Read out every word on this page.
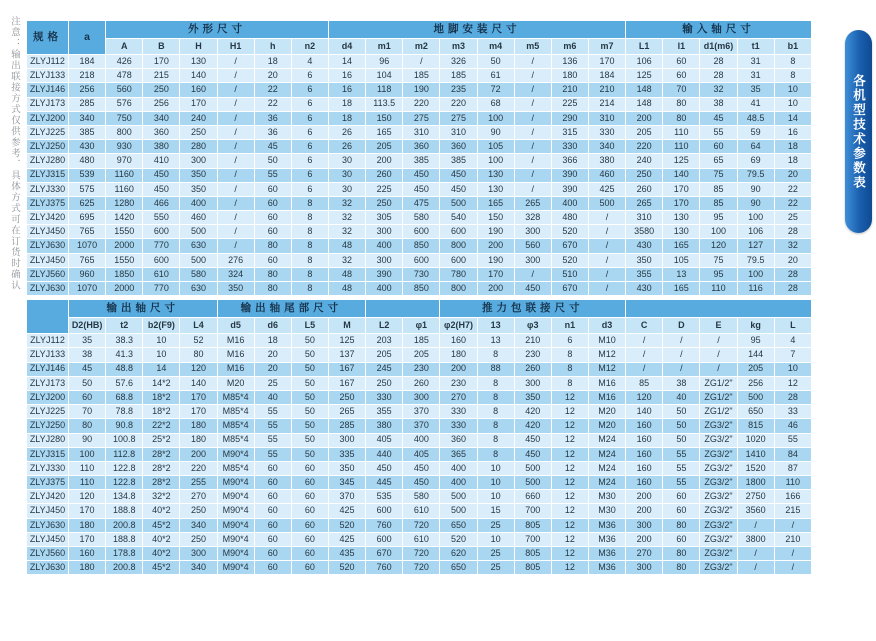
注意：输出联接方式仅供参考．具体方式可在订货时确认 规格	a	外形尺寸						地脚安装尺寸								输入轴尺寸				
		A	B	H	H1	h	n2	d4	m1	m2	m3	m4	m5	m6	m7	L1	l1	d1(m6)	t1	b1
ZLYJ112	184	426	170	130	/	18	4	14	96	/	326	50	/	136	170	106	60	28	31	8
ZLYJ133	218	478	215	140	/	20	6	16	104	185	185	61	/	180	184	125	60	28	31	8
ZLYJ146	256	560	250	160	/	22	6	16	118	190	235	72	/	210	210	148	70	32	35	10
ZLYJ173	285	576	256	170	/	22	6	18	113.5	220	220	68	/	225	214	148	80	38	41	10
ZLYJ200	340	750	340	240	/	36	6	18	150	275	275	100	/	290	310	200	80	45	48.5	14
ZLYJ225	385	800	360	250	/	36	6	26	165	310	310	90	/	315	330	205	110	55	59	16
ZLYJ250	430	930	380	280	/	45	6	26	205	360	360	105	/	330	340	220	110	60	64	18
ZLYJ280	480	970	410	300	/	50	6	30	200	385	385	100	/	366	380	240	125	65	69	18
ZLYJ315	539	1160	450	350	/	55	6	30	260	450	450	130	/	390	460	250	140	75	79.5	20
ZLYJ330	575	1160	450	350	/	60	6	30	225	450	450	130	/	390	425	260	170	85	90	22
ZLYJ375	625	1280	466	400	/	60	8	32	250	475	500	165	265	400	500	265	170	85	90	22
ZLYJ420	695	1420	550	460	/	60	8	32	305	580	540	150	328	480	/	310	130	95	100	25
ZLYJ450	765	1550	600	500	/	60	8	32	300	600	600	190	300	520	/	3580	130	100	106	28
ZLYJ630	1070	2000	770	630	/	80	8	48	400	850	800	200	560	670	/	430	165	120	127	32
ZLYJ450	765	1550	600	500	276	60	8	32	300	600	600	190	300	520	/	350	105	75	79.5	20
ZLYJ560	960	1850	610	580	324	80	8	48	390	730	780	170	/	510	/	355	13	95	100	28
ZLYJ630	1070	2000	770	630	350	80	8	48	400	850	800	200	450	670	/	430	165	110	116	28
	输出轴尺寸				输出轴尾部尺寸						推力包联接尺寸									
	D2(HB)	t2	b2(F9)	L4	d5	d6	L5	M	L2	φ1	φ2(H7)	13	φ3	n1	d3	C	D	E	kg	L
ZLYJ112	35	38.3	10	52	M16	18	50	125	203	185	160	13	210	6	M10	/	/	/	95	4
ZLYJ133	38	41.3	10	80	M16	20	50	137	205	205	180	8	230	8	M12	/	/	/	144	7
ZLYJ146	45	48.8	14	120	M16	20	50	167	245	230	200	88	260	8	M12	/	/	/	205	10
ZLYJ173	50	57.6	14*2	140	M20	25	50	167	250	260	230	8	300	8	M16	85	38	ZG1/2"	256	12
ZLYJ200	60	68.8	18*2	170	M85*4	40	50	250	330	300	270	8	350	12	M16	120	40	ZG1/2"	500	28
ZLYJ225	70	78.8	18*2	170	M85*4	55	50	265	355	370	330	8	420	12	M20	140	50	ZG1/2"	650	33
ZLYJ250	80	90.8	22*2	180	M85*4	55	50	285	380	370	330	8	420	12	M20	160	50	ZG3/2"	815	46
ZLYJ280	90	100.8	25*2	180	M85*4	55	50	300	405	400	360	8	450	12	M24	160	50	ZG3/2"	1020	55
ZLYJ315	100	112.8	28*2	200	M90*4	55	50	335	440	405	365	8	450	12	M24	160	55	ZG3/2"	1410	84
ZLYJ330	110	122.8	28*2	220	M85*4	60	60	350	450	450	400	10	500	12	M24	160	55	ZG3/2"	1520	87
ZLYJ375	110	122.8	28*2	255	M90*4	60	60	345	445	450	400	10	500	12	M24	160	55	ZG3/2"	1800	110
ZLYJ420	120	134.8	32*2	270	M90*4	60	60	370	535	580	500	10	660	12	M30	200	60	ZG3/2"	2750	166
ZLYJ450	170	188.8	40*2	250	M90*4	60	60	425	600	610	500	15	700	12	M30	200	60	ZG3/2"	3560	215
ZLYJ630	180	200.8	45*2	340	M90*4	60	60	520	760	720	650	25	805	12	M36	300	80	ZG3/2"	/	/
ZLYJ450	170	188.8	40*2	250	M90*4	60	60	425	600	610	520	10	700	12	M36	200	60	ZG3/2"	3800	210
ZLYJ560	160	178.8	40*2	300	M90*4	60	60	435	670	720	620	25	805	12	M36	270	80	ZG3/2"	/	/
ZLYJ630	180	200.8	45*2	340	M90*4	60	60	520	760	720	650	25	805	12	M36	300	80	ZG3/2"	/	/
各机型技术参数表
